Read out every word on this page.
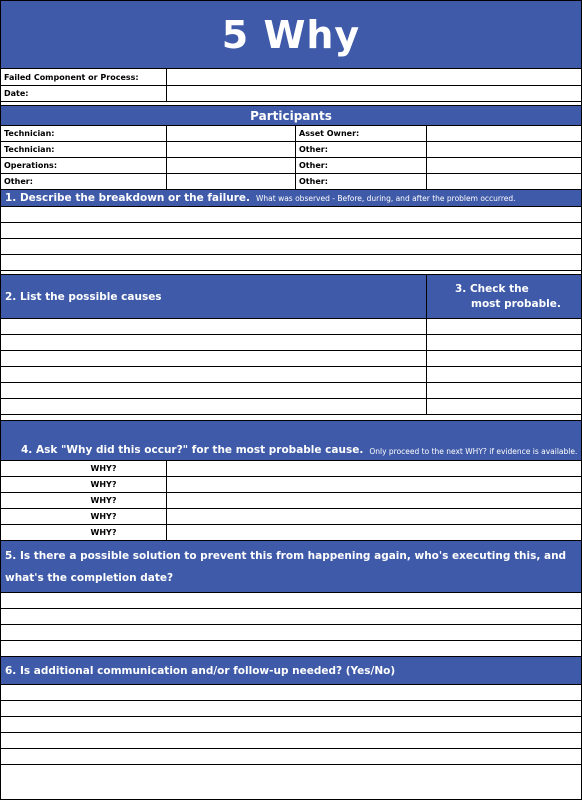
5 Why
Failed Component or Process:
Date:
Participants
Technician:	Asset Owner:
Technician:	Other:
Operations:	Other:
Other:	Other:
1. Describe the breakdown or the failure. What was observed - Before, during, and after the problem occurred.
2. List the possible causes
3. Check the
most probable.
4. Ask "Why did this occur?" for the most probable cause. Only proceed to the next WHY? if evidence is available.
WHY?
WHY?
WHY?
WHY?
WHY?
5. Is there a possible solution to prevent this from happening again, who's executing this, and what's the completion date?
6. Is additional communication and/or follow-up needed? (Yes/No)
